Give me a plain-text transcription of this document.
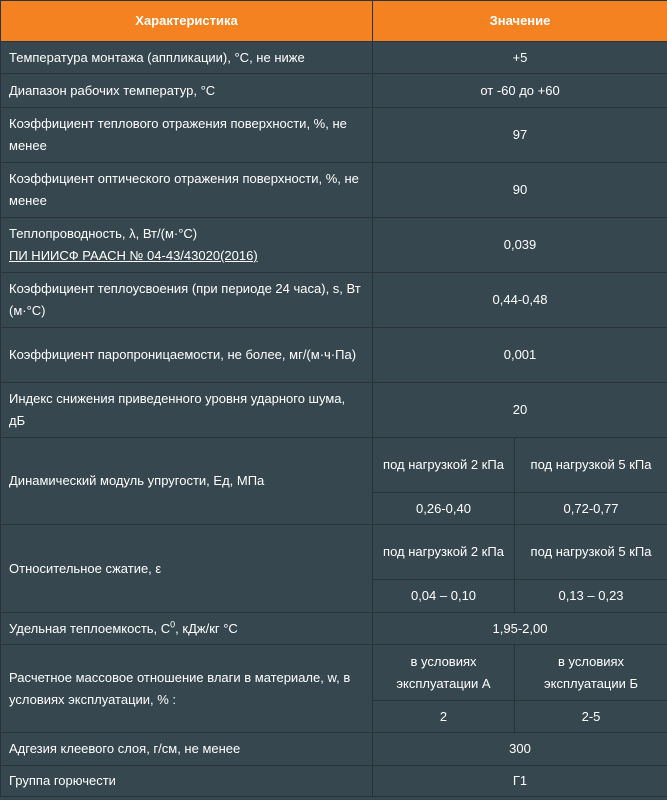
Характеристика	Значение	
Температура монтажа (аппликации), °С, не ниже	+5	
Диапазон рабочих температур, °С	от -60 до +60	
Коэффициент теплового отражения поверхности, %, не менее	97	
Коэффициент оптического отражения поверхности, %, не менее	90	

Теплопроводность, λ, Вт/(м·°С)
ПИ НИИСФ РААСН № 04-43/43020(2016)	0,039	
Коэффициент теплоусвоения (при периоде 24 часа), s, Вт (м·°С)	0,44-0,48	
Коэффициент паропроницаемости, не более, мг/(м·ч·Па)	0,001	
Индекс снижения приведенного уровня ударного шума, дБ	20	
Динамический модуль упругости, Ед, МПа	под нагрузкой 2 кПа	под нагрузкой 5 кПа
	0,26-0,40	0,72-0,77
Относительное сжатие, ε	под нагрузкой 2 кПа	под нагрузкой 5 кПа
	0,04 – 0,10	0,13 – 0,23
Удельная теплоемкость, $С^0$, кДж/кг °С	1,95-2,00	
Расчетное массовое отношение влаги в материале, w, в условиях эксплуатации, % :	в условиях эксплуатации А	в условиях эксплуатации Б
	2	2-5
Адгезия клеевого слоя, г/см, не менее	300	
Группа горючести	Г1	
